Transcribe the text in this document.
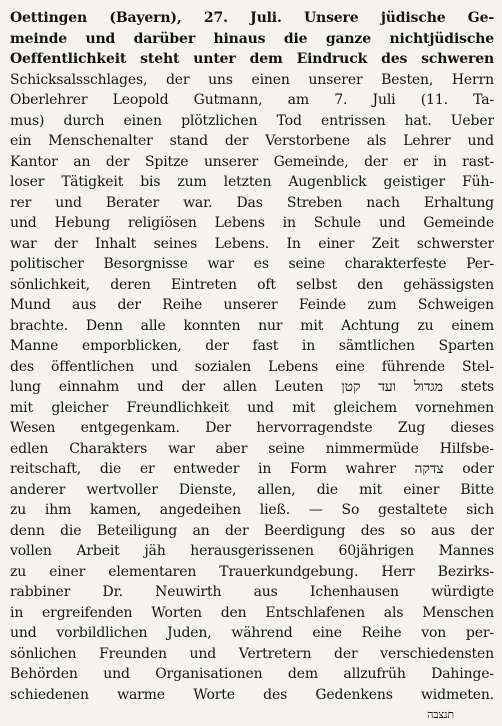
Oettingen (Bayern), 27. Juli. Unsere jüdische Ge-
meinde und darüber hinaus die ganze nichtjüdische
Oeffentlichkeit steht unter dem Eindruck des schweren
Schicksalsschlages, der uns einen unserer Besten, Herrn
Oberlehrer Leopold Gutmann, am 7. Juli (11. Ta-
mus) durch einen plötzlichen Tod entrissen hat. Ueber
ein Menschenalter stand der Verstorbene als Lehrer und
Kantor an der Spitze unserer Gemeinde, der er in rast-
loser Tätigkeit bis zum letzten Augenblick geistiger Füh-
rer und Berater war. Das Streben nach Erhaltung
und Hebung religiösen Lebens in Schule und Gemeinde
war der Inhalt seines Lebens. In einer Zeit schwerster
politischer Besorgnisse war es seine charakterfeste Per-
sönlichkeit, deren Eintreten oft selbst den gehässigsten
Mund aus der Reihe unserer Feinde zum Schweigen
brachte. Denn alle konnten nur mit Achtung zu einem
Manne emporblicken, der fast in sämtlichen Sparten
des öffentlichen und sozialen Lebens eine führende Stel-
lung einnahm und der allen Leuten מגדול ועד קטן stets
mit gleicher Freundlichkeit und mit gleichem vornehmen
Wesen entgegenkam. Der hervorragendste Zug dieses
edlen Charakters war aber seine nimmermüde Hilfsbe-
reitschaft, die er entweder in Form wahrer צדקה oder
anderer wertvoller Dienste, allen, die mit einer Bitte
zu ihm kamen, angedeihen ließ. — So gestaltete sich
denn die Beteiligung an der Beerdigung des so aus der
vollen Arbeit jäh herausgerissenen 60jährigen Mannes
zu einer elementaren Trauerkundgebung. Herr Bezirks-
rabbiner Dr. Neuwirth aus Ichenhausen würdigte
in ergreifenden Worten den Entschlafenen als Menschen
und vorbildlichen Juden, während eine Reihe von per-
sönlichen Freunden und Vertretern der verschiedensten
Behörden und Organisationen dem allzufrüh Dahinge-
schiedenen warme Worte des Gedenkens widmeten.
תנצבה
